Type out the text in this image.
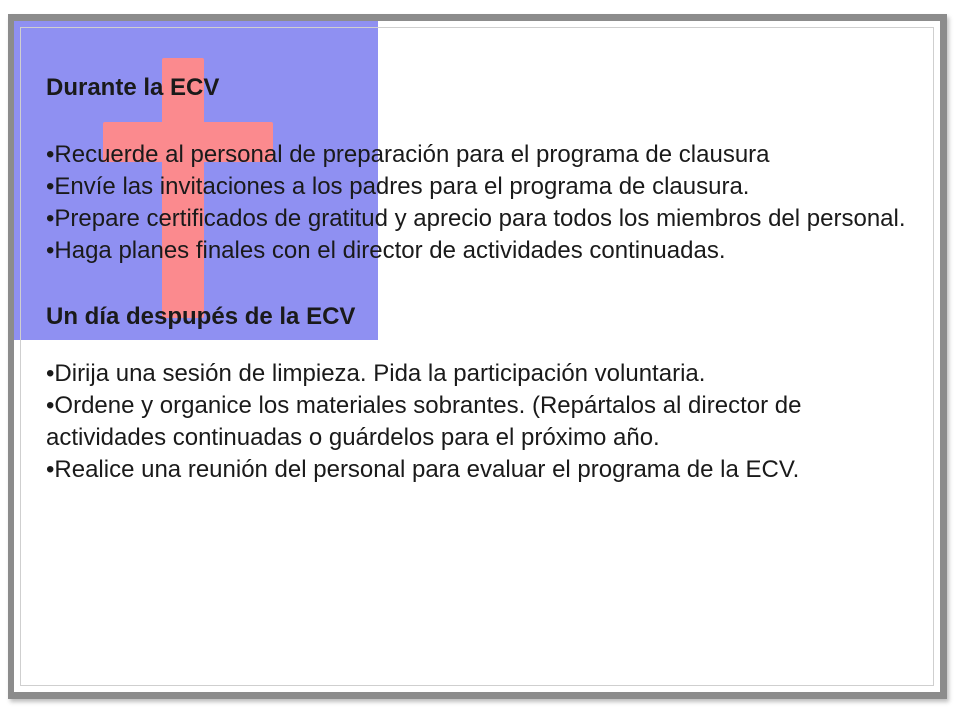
Durante la ECV

•Recuerde al personal de preparación para el programa de clausura

•Envíe las invitaciones a los padres para el programa de clausura.

•Prepare certificados de gratitud y aprecio para todos los miembros del personal.

•Haga planes finales con el director de actividades continuadas.

Un día despupés de la ECV

•Dirija una sesión de limpieza. Pida la participación voluntaria.

•Ordene y organice los materiales sobrantes. (Repártalos al director de actividades continuadas o guárdelos para el próximo año.

•Realice una reunión del personal para evaluar el programa de la ECV.
